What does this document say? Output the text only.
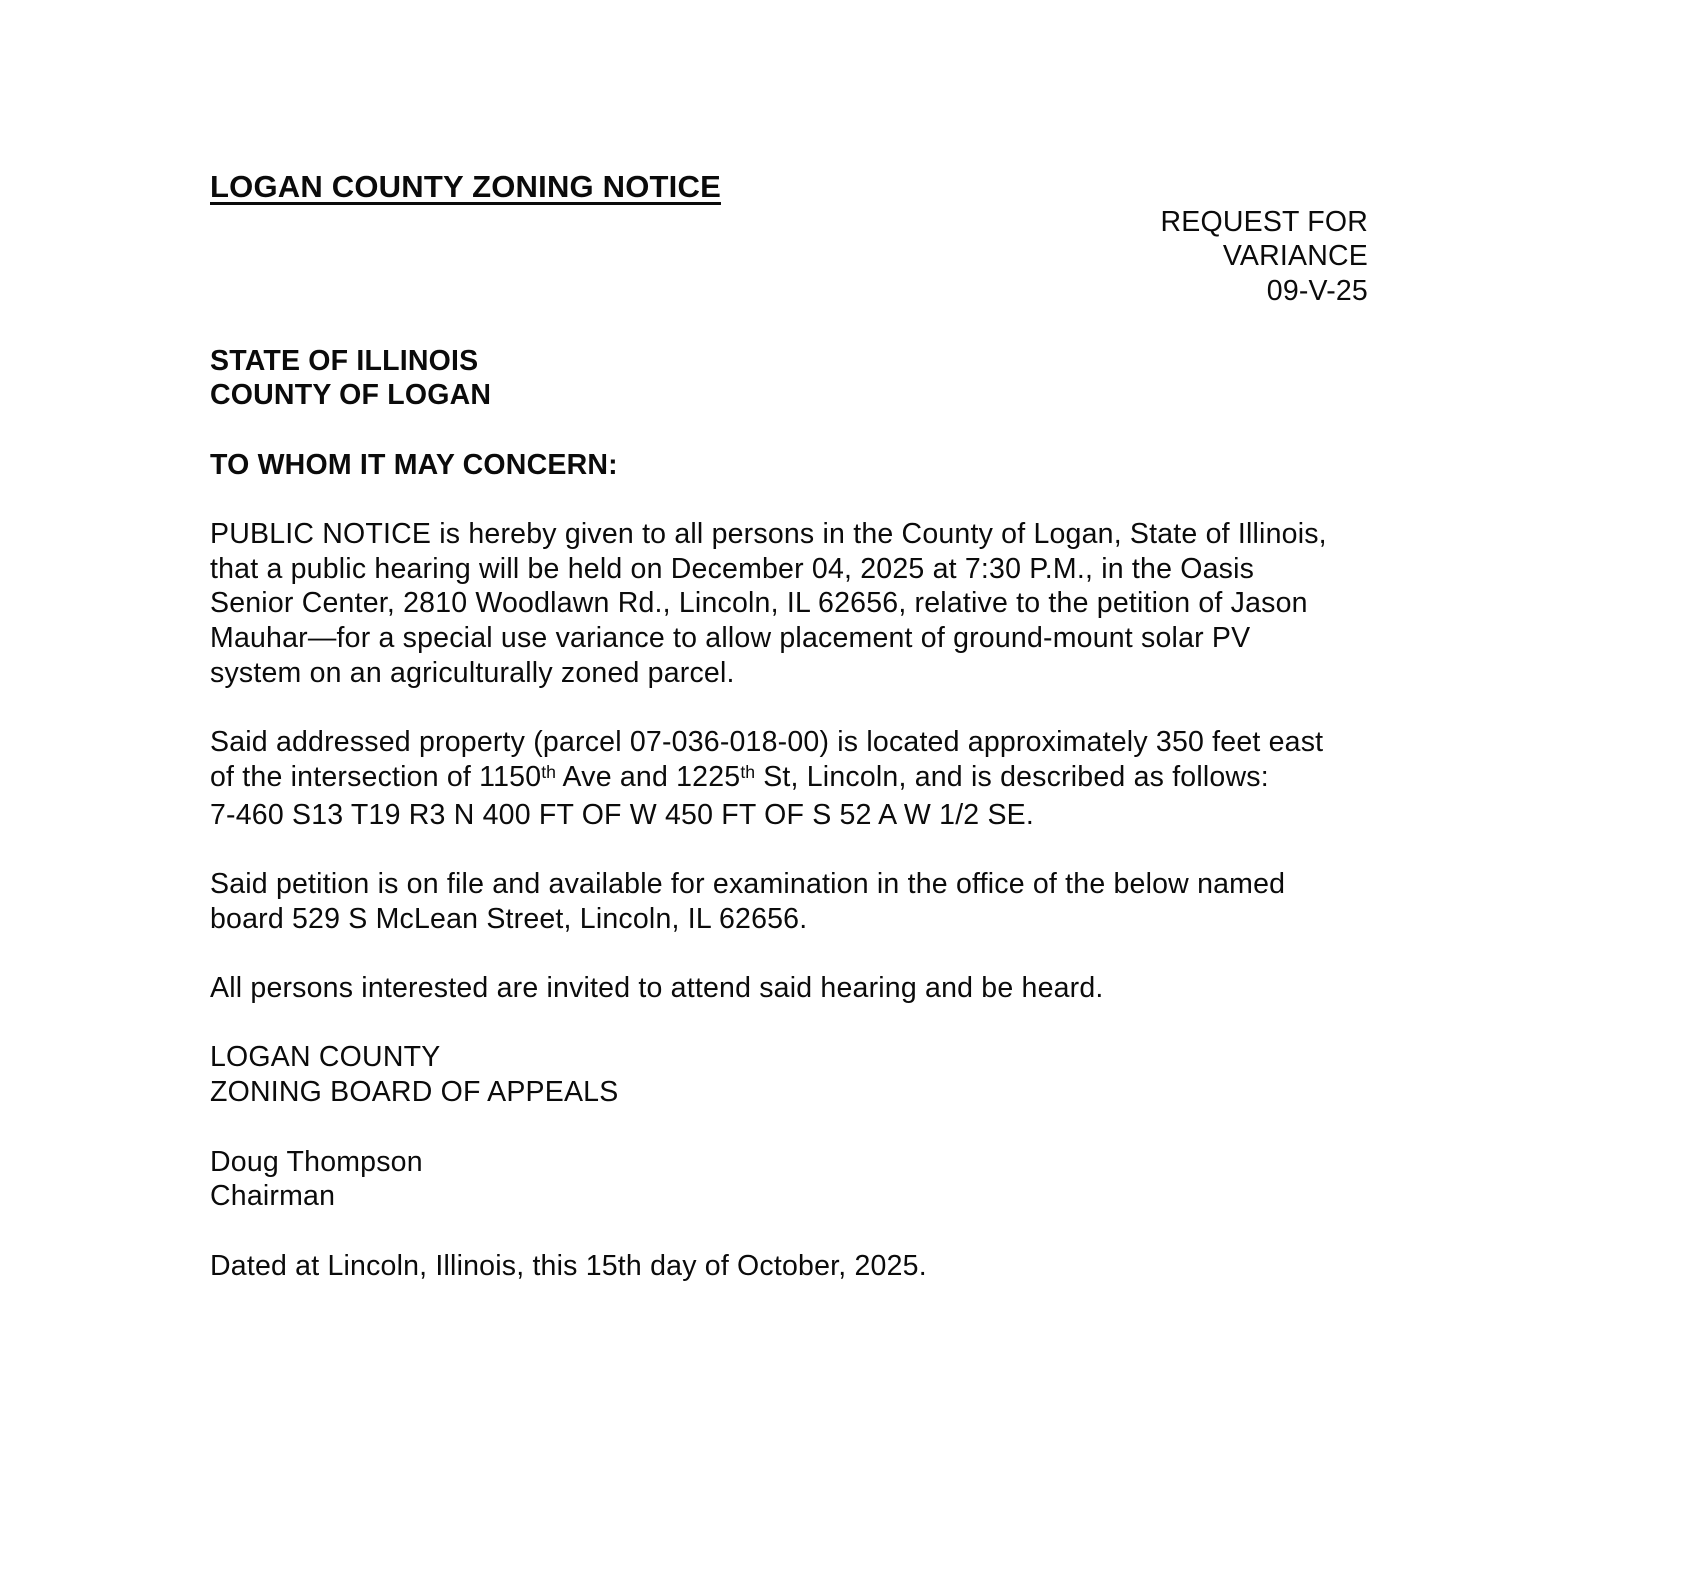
LOGAN COUNTY ZONING NOTICE
REQUEST FOR
VARIANCE
09-V-25
STATE OF ILLINOIS
COUNTY OF LOGAN
TO WHOM IT MAY CONCERN:
PUBLIC NOTICE is hereby given to all persons in the County of Logan, State of Illinois,
that a public hearing will be held on December 04, 2025 at 7:30 P.M., in the Oasis
Senior Center, 2810 Woodlawn Rd., Lincoln, IL 62656, relative to the petition of Jason
Mauhar—for a special use variance to allow placement of ground-mount solar PV
system on an agriculturally zoned parcel.
Said addressed property (parcel 07-036-018-00) is located approximately 350 feet east
of the intersection of 1150th Ave and 1225th St, Lincoln, and is described as follows:
7-460 S13 T19 R3 N 400 FT OF W 450 FT OF S 52 A W 1/2 SE.
Said petition is on file and available for examination in the office of the below named
board 529 S McLean Street, Lincoln, IL 62656.
All persons interested are invited to attend said hearing and be heard.
LOGAN COUNTY
ZONING BOARD OF APPEALS
Doug Thompson
Chairman
Dated at Lincoln, Illinois, this 15th day of October, 2025.
